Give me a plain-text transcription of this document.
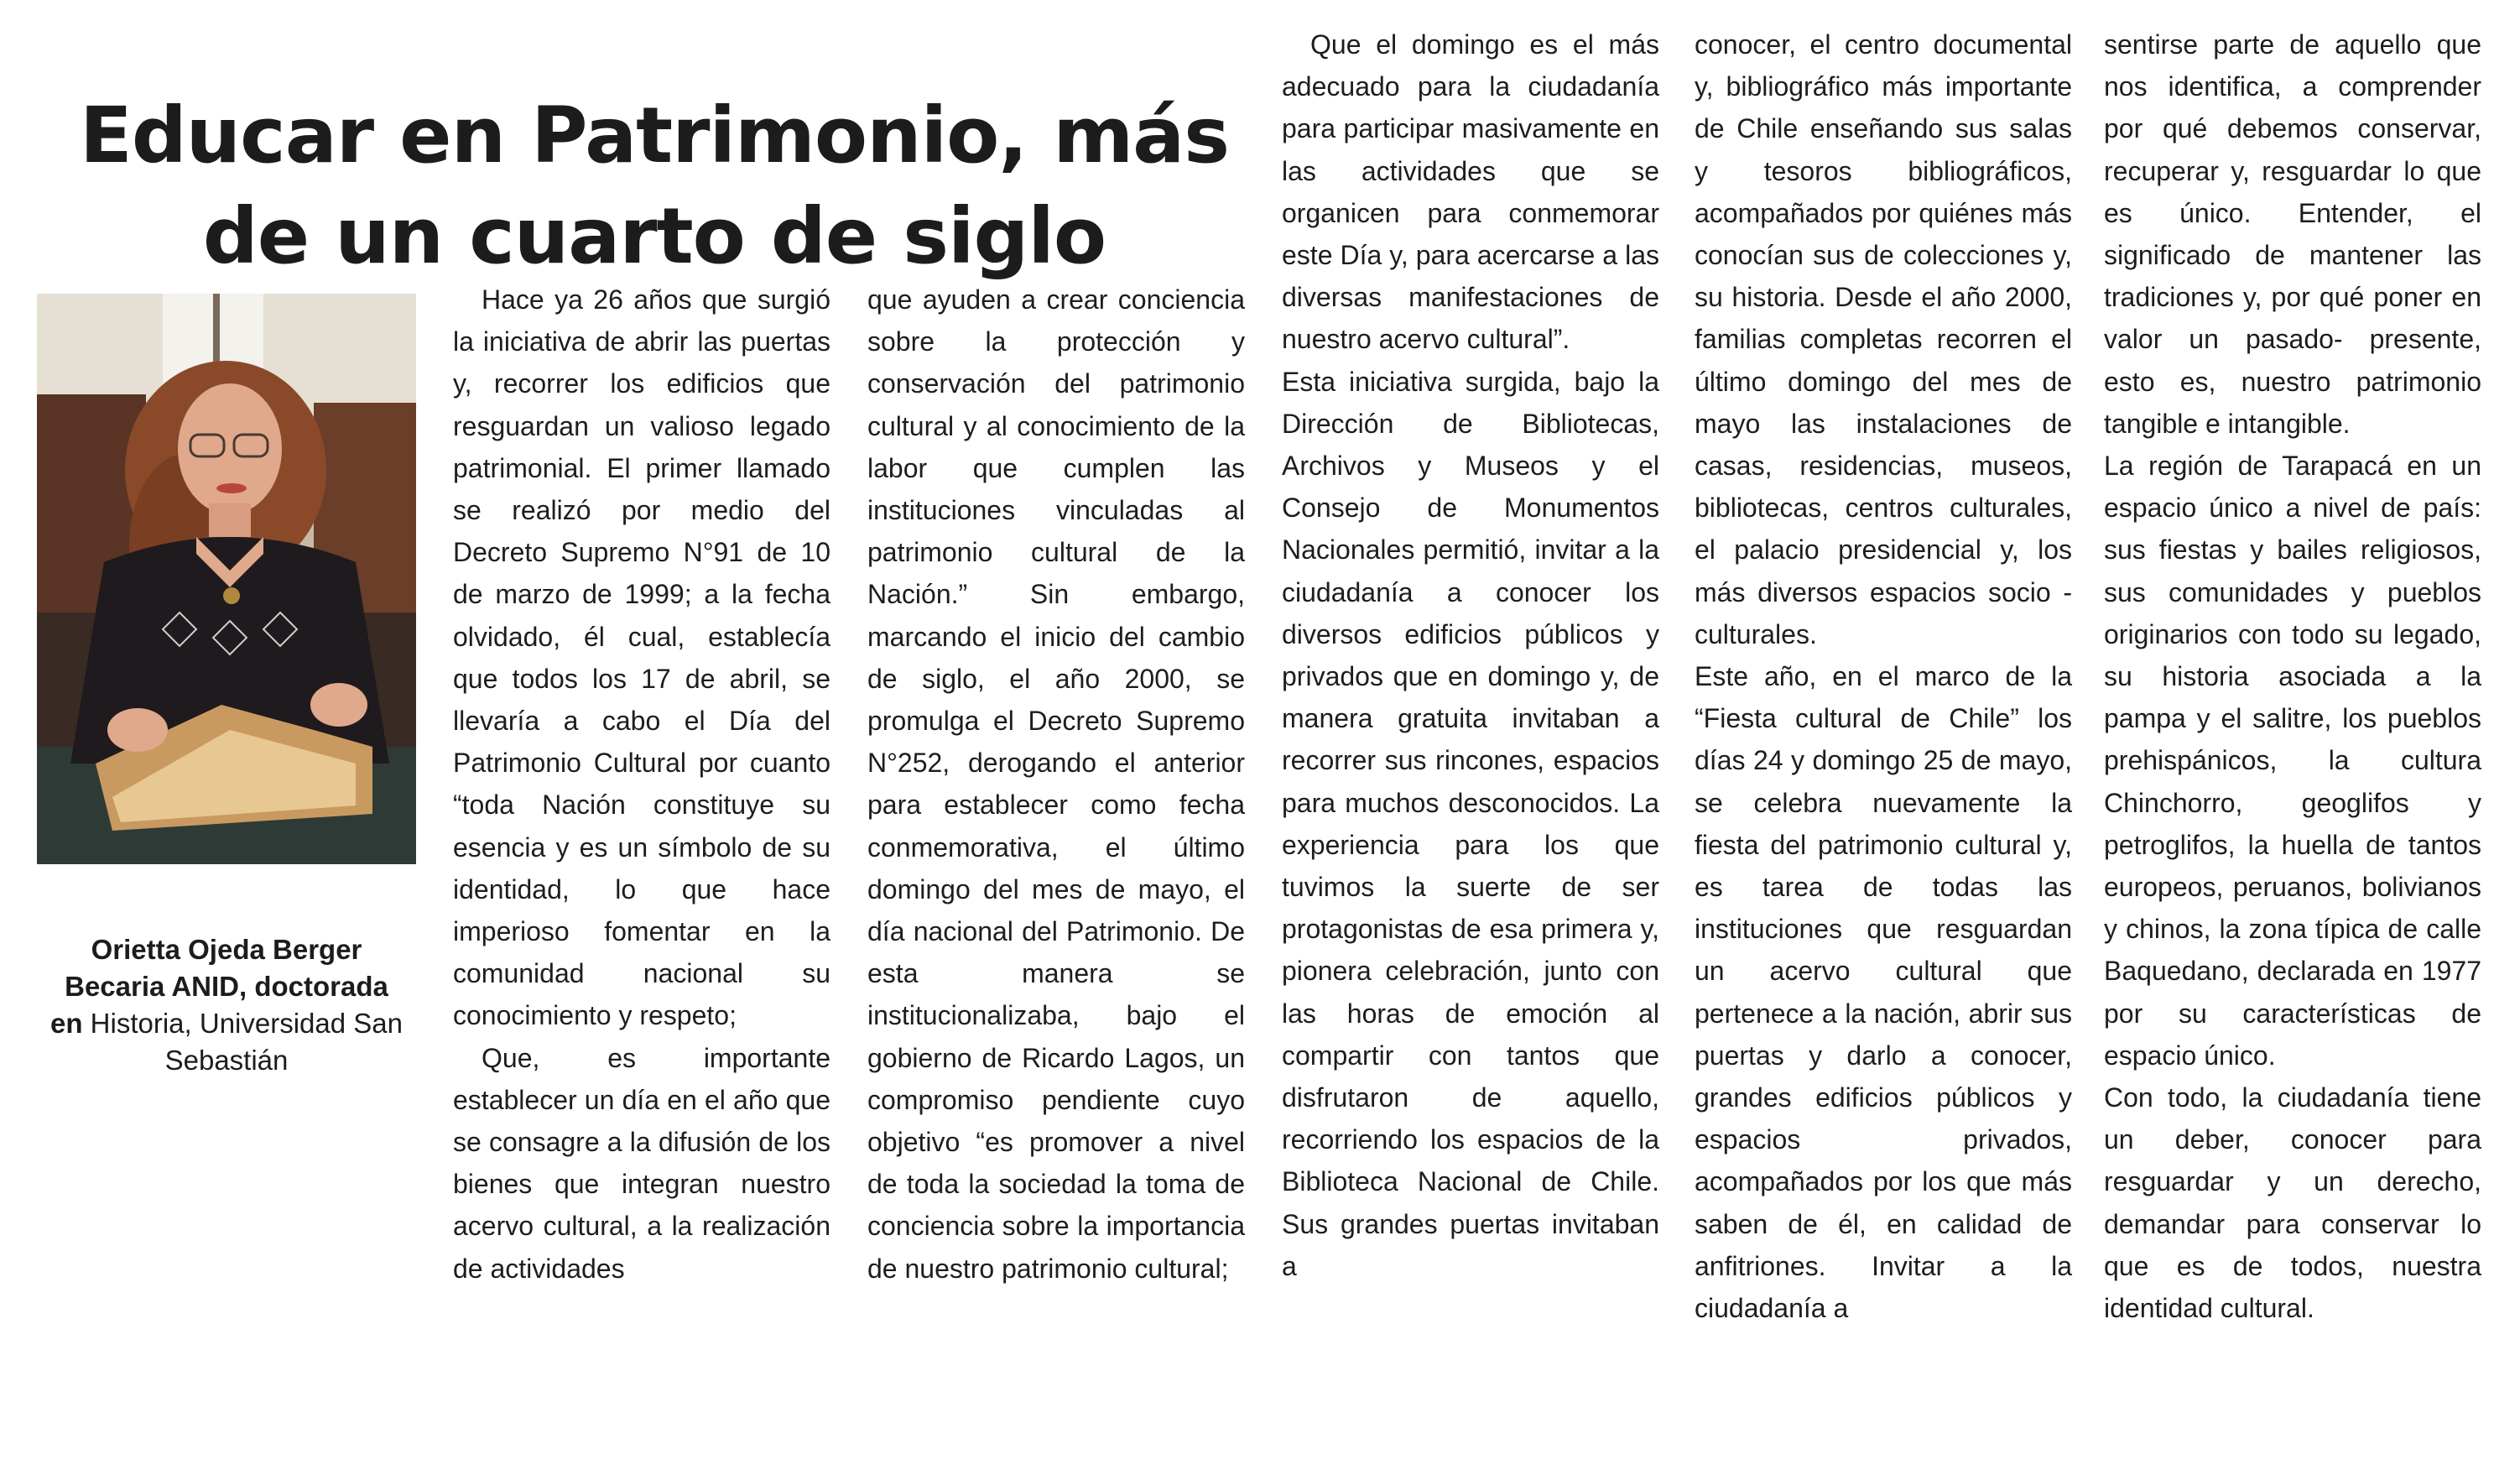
Educar en Patrimonio, más
de un cuarto de siglo
Orietta Ojeda Berger
Becaria ANID, doctorada
en Historia, Universidad San Sebastián

Hace ya 26 años que surgió la iniciativa de abrir las puertas y, recorrer los edificios que resguardan un valioso legado patrimonial. El primer llamado se realizó por medio del Decreto Supremo N°91 de 10 de marzo de 1999; a la fecha olvidado, él cual, establecía que todos los 17 de abril, se llevaría a cabo el Día del Patrimonio Cultural por cuanto “toda Nación constituye su esencia y es un símbolo de su identidad, lo que hace imperioso fomentar en la comunidad nacional su conocimiento y respeto;

Que, es importante establecer un día en el año que se consagre a la difusión de los bienes que integran nuestro acervo cultural, a la realización de actividades

que ayuden a crear conciencia sobre la protección y conservación del patrimonio cultural y al conocimiento de la labor que cumplen las instituciones vinculadas al patrimonio cultural de la Nación.” Sin embargo, marcando el inicio del cambio de siglo, el año 2000, se promulga el Decreto Supremo N°252, derogando el anterior para establecer como fecha conmemorativa, el último domingo del mes de mayo, el día nacional del Patrimonio. De esta manera se institucionalizaba, bajo el gobierno de Ricardo Lagos, un compromiso pendiente cuyo objetivo “es promover a nivel de toda la sociedad la toma de conciencia sobre la importancia de nuestro patrimonio cultural;

Que el domingo es el más adecuado para la ciudadanía para participar masivamente en las actividades que se organicen para conmemorar este Día y, para acercarse a las diversas manifestaciones de nuestro acervo cultural”.

Esta iniciativa surgida, bajo la Dirección de Bibliotecas, Archivos y Museos y el Consejo de Monumentos Nacionales permitió, invitar a la ciudadanía a conocer los diversos edificios públicos y privados que en domingo y, de manera gratuita invitaban a recorrer sus rincones, espacios para muchos desconocidos. La experiencia para los que tuvimos la suerte de ser protagonistas de esa primera y, pionera celebración, junto con las horas de emoción al compartir con tantos que disfrutaron de aquello, recorriendo los espacios de la Biblioteca Nacional de Chile. Sus grandes puertas invitaban a

conocer, el centro documental y, bibliográfico más importante de Chile enseñando sus salas y tesoros bibliográficos, acompañados por quiénes más conocían sus de colecciones y, su historia. Desde el año 2000, familias completas recorren el último domingo del mes de mayo las instalaciones de casas, residencias, museos, bibliotecas, centros culturales, el palacio presidencial y, los más diversos espacios socio - culturales.

Este año, en el marco de la “Fiesta cultural de Chile” los días 24 y domingo 25 de mayo, se celebra nuevamente la fiesta del patrimonio cultural y, es tarea de todas las instituciones que resguardan un acervo cultural que pertenece a la nación, abrir sus puertas y darlo a conocer, grandes edificios públicos y espacios privados, acompañados por los que más saben de él, en calidad de anfitriones. Invitar a la ciudadanía a

sentirse parte de aquello que nos identifica, a comprender por qué debemos conservar, recuperar y, resguardar lo que es único. Entender, el significado de mantener las tradiciones y, por qué poner en valor un pasado- presente, esto es, nuestro patrimonio tangible e intangible.

La región de Tarapacá en un espacio único a nivel de país: sus fiestas y bailes religiosos, sus comunidades y pueblos originarios con todo su legado, su historia asociada a la pampa y el salitre, los pueblos prehispánicos, la cultura Chinchorro, geoglifos y petroglifos, la huella de tantos europeos, peruanos, bolivianos y chinos, la zona típica de calle Baquedano, declarada en 1977 por su características de espacio único.

Con todo, la ciudadanía tiene un deber, conocer para resguardar y un derecho, demandar para conservar lo que es de todos, nuestra identidad cultural.
